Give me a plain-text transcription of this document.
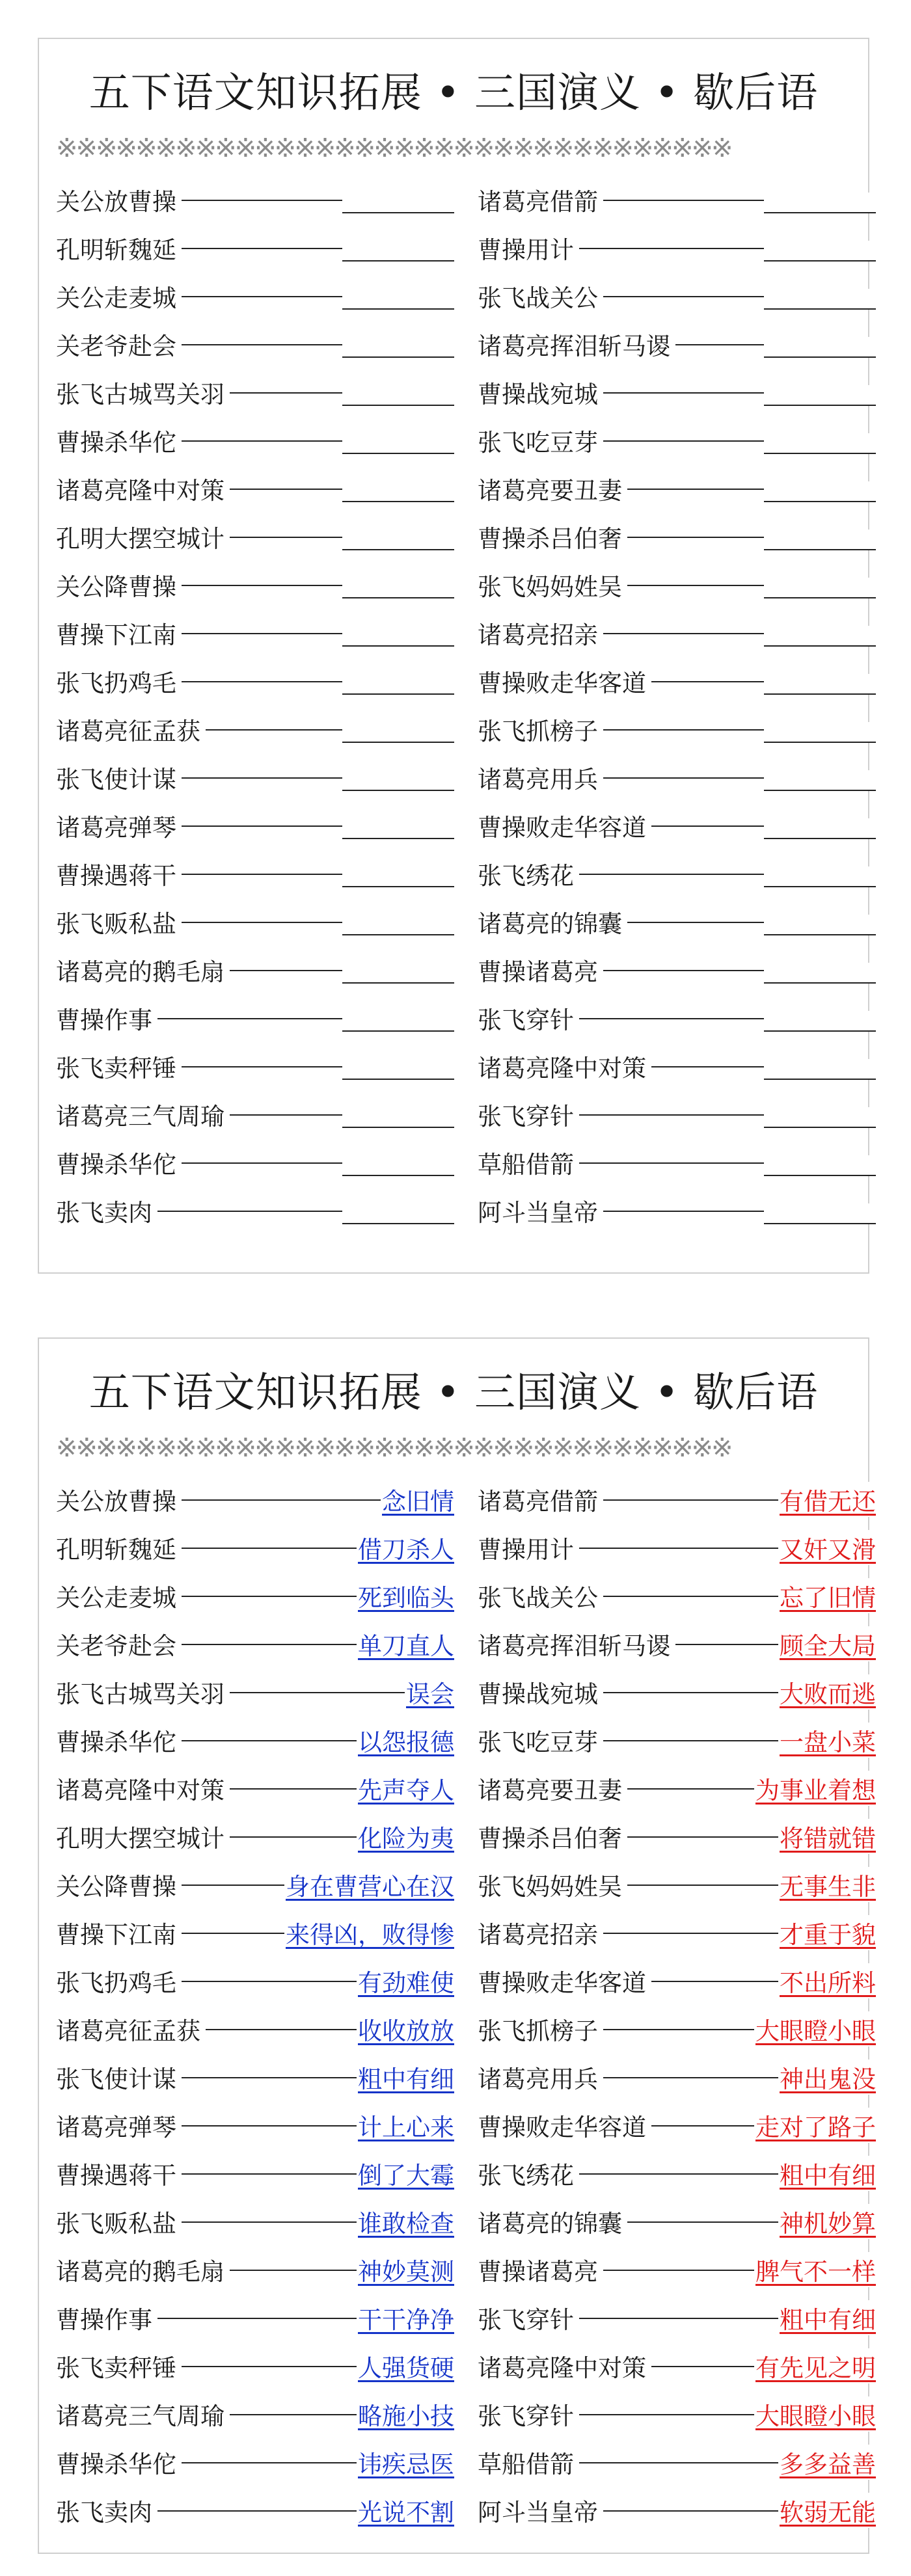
五下语文知识拓展 • 三国演义 • 歇后语
※※※※※※※※※※※※※※※※※※※※※※※※※※※※※※※※※※
关公放曹操	诸葛亮借箭
孔明斩魏延	曹操用计
关公走麦城	张飞战关公
关老爷赴会	诸葛亮挥泪斩马谡
张飞古城骂关羽	曹操战宛城
曹操杀华佗	张飞吃豆芽
诸葛亮隆中对策	诸葛亮要丑妻
孔明大摆空城计	曹操杀吕伯奢
关公降曹操	张飞妈妈姓吴
曹操下江南	诸葛亮招亲
张飞扔鸡毛	曹操败走华客道
诸葛亮征孟获	张飞抓榜子
张飞使计谋	诸葛亮用兵
诸葛亮弹琴	曹操败走华容道
曹操遇蒋干	张飞绣花
张飞贩私盐	诸葛亮的锦囊
诸葛亮的鹅毛扇	曹操诸葛亮
曹操作事	张飞穿针
张飞卖秤锤	诸葛亮隆中对策
诸葛亮三气周瑜	张飞穿针
曹操杀华佗	草船借箭
张飞卖肉	阿斗当皇帝
五下语文知识拓展 • 三国演义 • 歇后语
※※※※※※※※※※※※※※※※※※※※※※※※※※※※※※※※※※
关公放曹操	念旧情 诸葛亮借箭	有借无还
孔明斩魏延	借刀杀人 曹操用计	又奸又滑
关公走麦城	死到临头 张飞战关公	忘了旧情
关老爷赴会	单刀直人 诸葛亮挥泪斩马谡	顾全大局
张飞古城骂关羽	误会 曹操战宛城	大败而逃
曹操杀华佗	以怨报德 张飞吃豆芽	一盘小菜
诸葛亮隆中对策	先声夺人 诸葛亮要丑妻	为事业着想
孔明大摆空城计	化险为夷 曹操杀吕伯奢	将错就错
关公降曹操	身在曹营心在汉 张飞妈妈姓吴	无事生非
曹操下江南	来得凶，败得惨 诸葛亮招亲	才重于貌
张飞扔鸡毛	有劲难使 曹操败走华客道	不出所料
诸葛亮征孟获	收收放放 张飞抓榜子	大眼瞪小眼
张飞使计谋	粗中有细 诸葛亮用兵	神出鬼没
诸葛亮弹琴	计上心来 曹操败走华容道	走对了路子
曹操遇蒋干	倒了大霉 张飞绣花	粗中有细
张飞贩私盐	谁敢检查 诸葛亮的锦囊	神机妙算
诸葛亮的鹅毛扇	神妙莫测 曹操诸葛亮	脾气不一样
曹操作事	干干净净 张飞穿针	粗中有细
张飞卖秤锤	人强货硬 诸葛亮隆中对策	有先见之明
诸葛亮三气周瑜	略施小技 张飞穿针	大眼瞪小眼
曹操杀华佗	讳疾忌医 草船借箭	多多益善
张飞卖肉	光说不割 阿斗当皇帝	软弱无能
